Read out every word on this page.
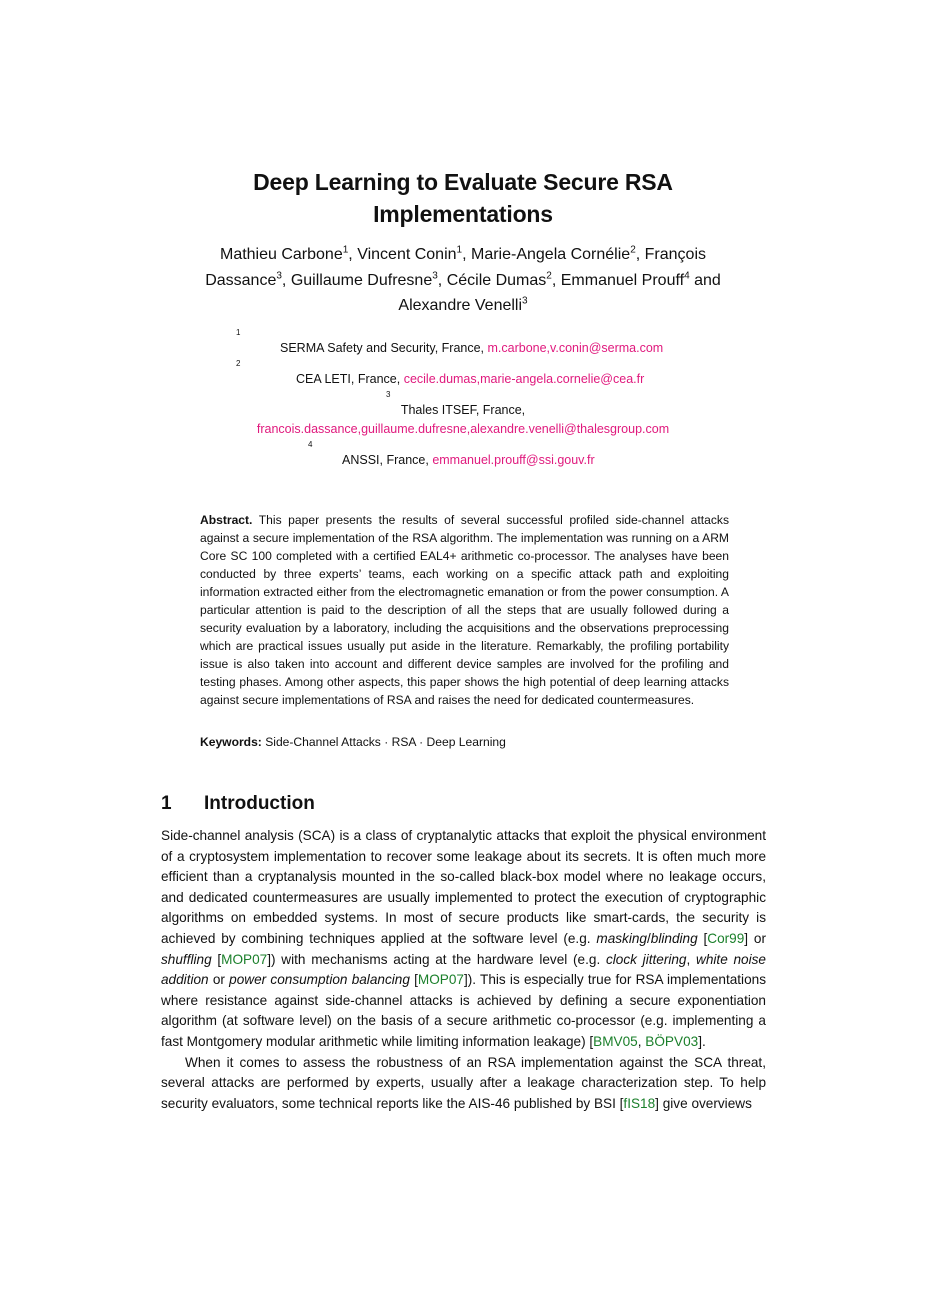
Deep Learning to Evaluate Secure RSA
Implementations
Mathieu Carbone$^1$, Vincent Conin$^1$, Marie-Angela Cornélie$^2$, François
Dassance$^3$, Guillaume Dufresne$^3$, Cécile Dumas$^2$, Emmanuel Prouff$^4$ and
Alexandre Venelli$^3$
1
SERMA Safety and Security, France, m.carbone,v.conin@serma.com
2
CEA LETI, France, cecile.dumas,marie-angela.cornelie@cea.fr
3
Thales ITSEF, France,
francois.dassance,guillaume.dufresne,alexandre.venelli@thalesgroup.com
4
ANSSI, France, emmanuel.prouff@ssi.gouv.fr
Abstract. This paper presents the results of several successful profiled side-channel attacks against a secure implementation of the RSA algorithm. The implementation was running on a ARM Core SC 100 completed with a certified EAL4+ arithmetic co-processor. The analyses have been conducted by three experts’ teams, each working on a specific attack path and exploiting information extracted either from the electromagnetic emanation or from the power consumption. A particular attention is paid to the description of all the steps that are usually followed during a security evaluation by a laboratory, including the acquisitions and the observations preprocessing which are practical issues usually put aside in the literature. Remarkably, the profiling portability issue is also taken into account and different device samples are involved for the profiling and testing phases. Among other aspects, this paper shows the high potential of deep learning attacks against secure implementations of RSA and raises the need for dedicated countermeasures.
Keywords: Side-Channel Attacks · RSA · Deep Learning
1 Introduction

Side-channel analysis (SCA) is a class of cryptanalytic attacks that exploit the physical environment of a cryptosystem implementation to recover some leakage about its secrets. It is often much more efficient than a cryptanalysis mounted in the so-called black-box model where no leakage occurs, and dedicated countermeasures are usually implemented to protect the execution of cryptographic algorithms on embedded systems. In most of secure products like smart-cards, the security is achieved by combining techniques applied at the software level (e.g. masking/blinding [Cor99] or shuffling [MOP07]) with mechanisms acting at the hardware level (e.g. clock jittering, white noise addition or power consumption balancing [MOP07]). This is especially true for RSA implementations where resistance against side-channel attacks is achieved by defining a secure exponentiation algorithm (at software level) on the basis of a secure arithmetic co-processor (e.g. implementing a fast Montgomery modular arithmetic while limiting information leakage) [BMV05, BÖPV03].

When it comes to assess the robustness of an RSA implementation against the SCA threat, several attacks are performed by experts, usually after a leakage characterization step. To help security evaluators, some technical reports like the AIS-46 published by BSI [fIS18] give overviews
